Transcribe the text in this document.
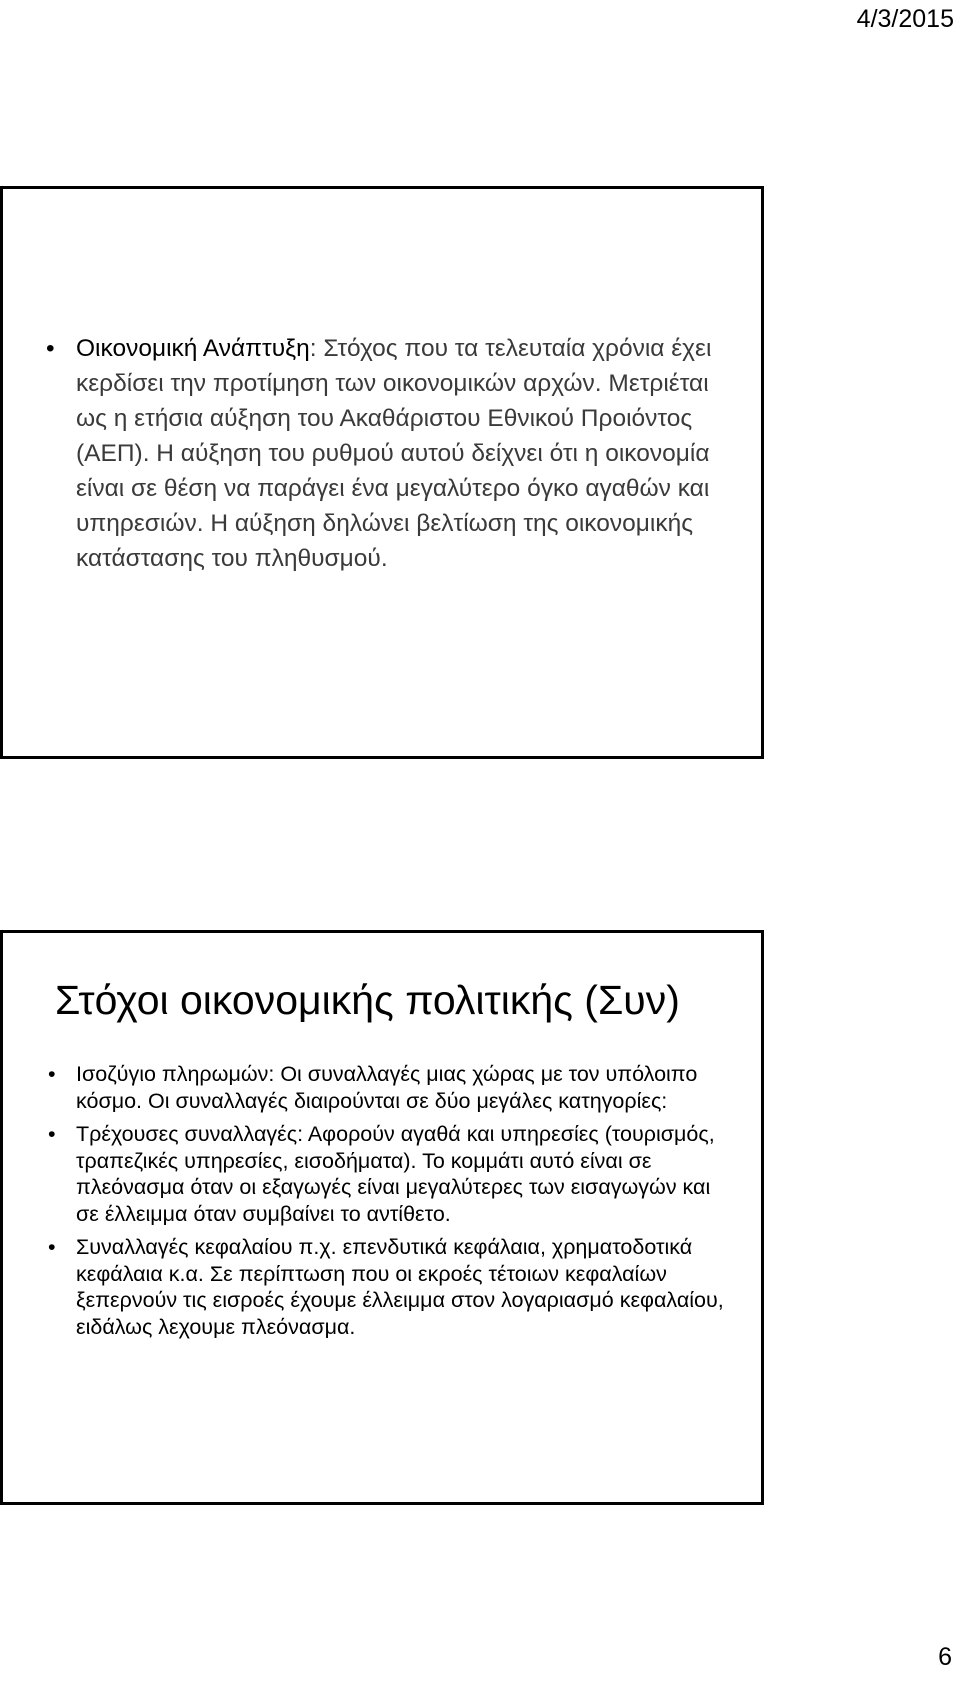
4/3/2015
• Οικονομική Ανάπτυξη: Στόχος που τα τελευταία χρόνια έχει κερδίσει την προτίμηση των οικονομικών αρχών. Μετριέται ως η ετήσια αύξηση του Ακαθάριστου Εθνικού Προιόντος (ΑΕΠ). Η αύξηση του ρυθμού αυτού δείχνει ότι η οικονομία είναι σε θέση να παράγει ένα μεγαλύτερο όγκο αγαθών και υπηρεσιών. Η αύξηση δηλώνει βελτίωση της οικονομικής κατάστασης του πληθυσμού.
Στόχοι οικονομικής πολιτικής (Συν)
• Ισοζύγιο πληρωμών: Οι συναλλαγές μιας χώρας με τον υπόλοιπο κόσμο. Οι συναλλαγές διαιρούνται σε δύο μεγάλες κατηγορίες:
• Τρέχουσες συναλλαγές: Αφορούν αγαθά και υπηρεσίες (τουρισμός, τραπεζικές υπηρεσίες, εισοδήματα). Το κομμάτι αυτό είναι σε πλεόνασμα όταν οι εξαγωγές είναι μεγαλύτερες των εισαγωγών και σε έλλειμμα όταν συμβαίνει το αντίθετο.
• Συναλλαγές κεφαλαίου π.χ. επενδυτικά κεφάλαια, χρηματοδοτικά κεφάλαια κ.α. Σε περίπτωση που οι εκροές τέτοιων κεφαλαίων ξεπερνούν τις εισροές έχουμε έλλειμμα στον λογαριασμό κεφαλαίου, ειδάλως λεχουμε πλεόνασμα.
6
